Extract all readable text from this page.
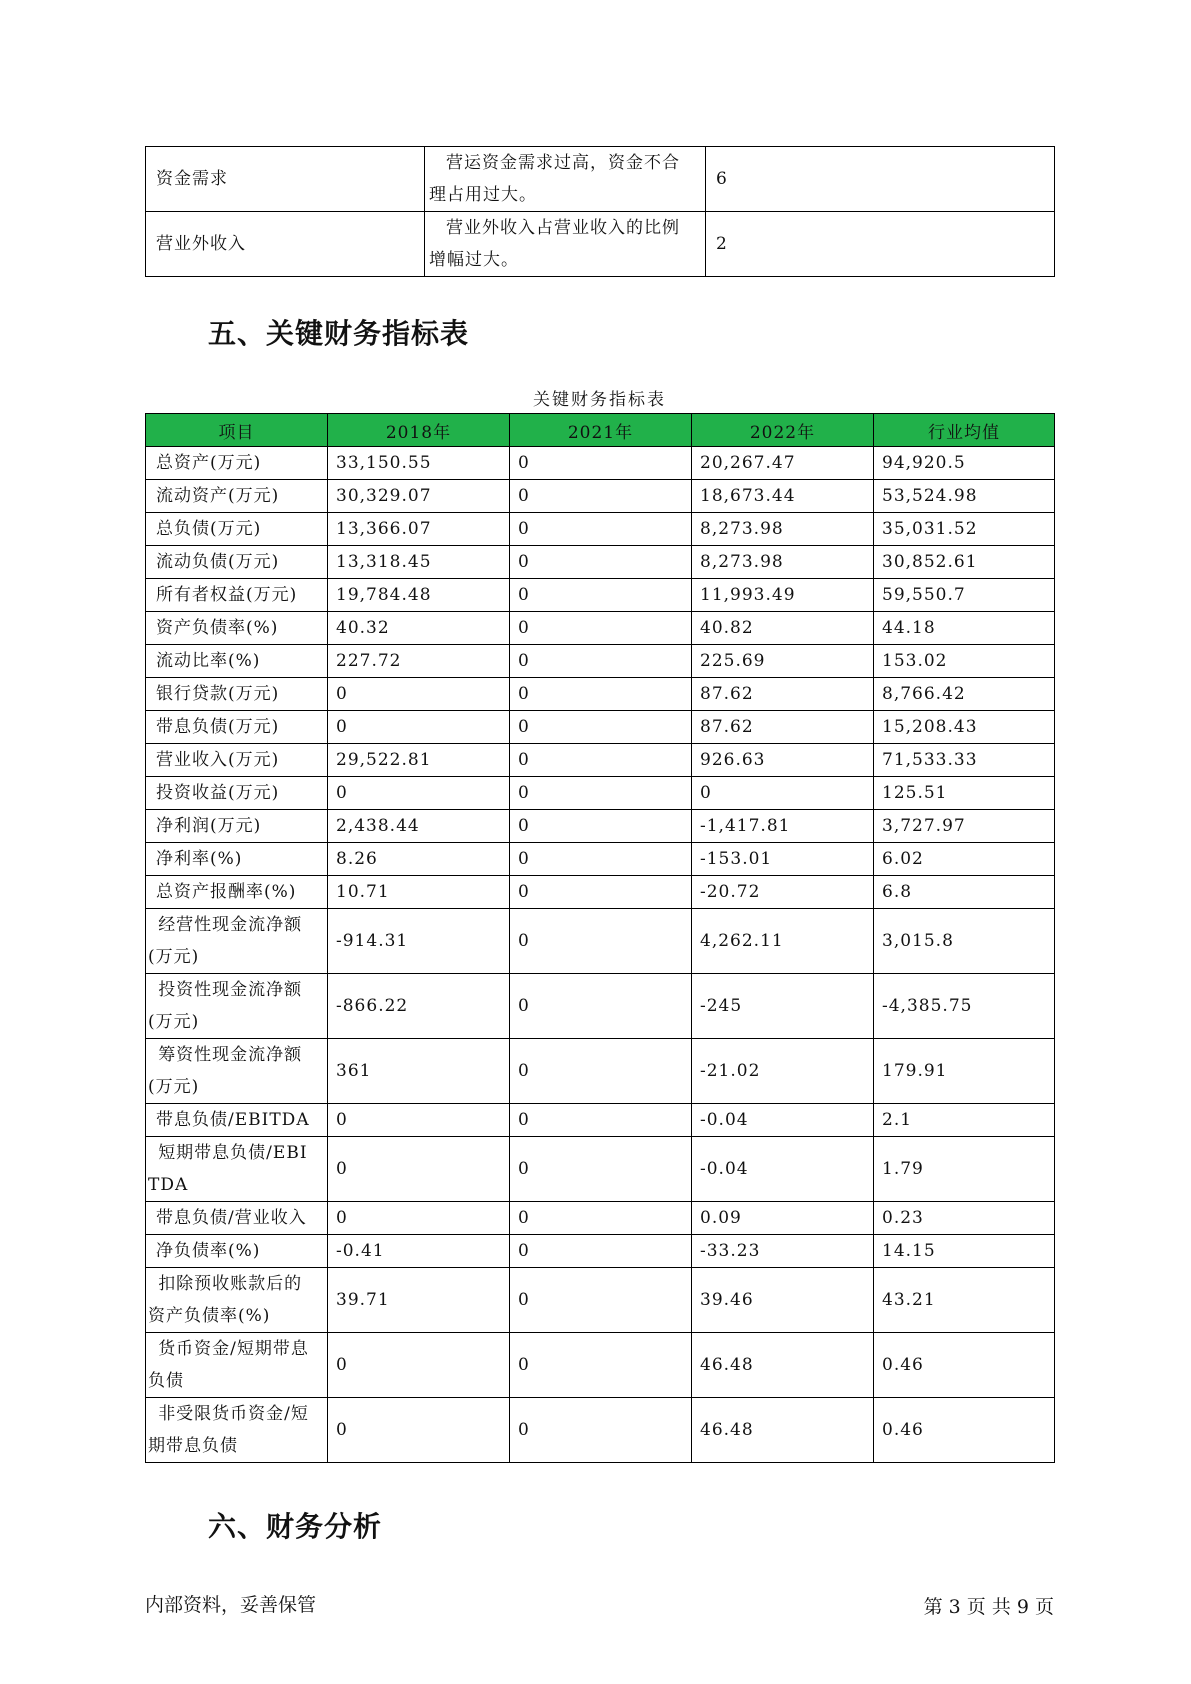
资金需求	营运资金需求过高，资金不合理占用过大。	6
营业外收入	营业外收入占营业收入的比例增幅过大。	2
五、关键财务指标表
关键财务指标表
项目	2018年	2021年	2022年	行业均值
总资产(万元)	33,150.55	0	20,267.47	94,920.5
流动资产(万元)	30,329.07	0	18,673.44	53,524.98
总负债(万元)	13,366.07	0	8,273.98	35,031.52
流动负债(万元)	13,318.45	0	8,273.98	30,852.61
所有者权益(万元)	19,784.48	0	11,993.49	59,550.7
资产负债率(%)	40.32	0	40.82	44.18
流动比率(%)	227.72	0	225.69	153.02
银行贷款(万元)	0	0	87.62	8,766.42
带息负债(万元)	0	0	87.62	15,208.43
营业收入(万元)	29,522.81	0	926.63	71,533.33
投资收益(万元)	0	0	0	125.51
净利润(万元)	2,438.44	0	-1,417.81	3,727.97
净利率(%)	8.26	0	-153.01	6.02
总资产报酬率(%)	10.71	0	-20.72	6.8
经营性现金流净额(万元)	-914.31	0	4,262.11	3,015.8
投资性现金流净额(万元)	-866.22	0	-245	-4,385.75
筹资性现金流净额(万元)	361	0	-21.02	179.91
带息负债/EBITDA	0	0	-0.04	2.1
短期带息负债/EBITDA	0	0	-0.04	1.79
带息负债/营业收入	0	0	0.09	0.23
净负债率(%)	-0.41	0	-33.23	14.15
扣除预收账款后的资产负债率(%)	39.71	0	39.46	43.21
货币资金/短期带息负债	0	0	46.48	0.46
非受限货币资金/短期带息负债	0	0	46.48	0.46
六、财务分析
内部资料，妥善保管	第 3 页 共 9 页
